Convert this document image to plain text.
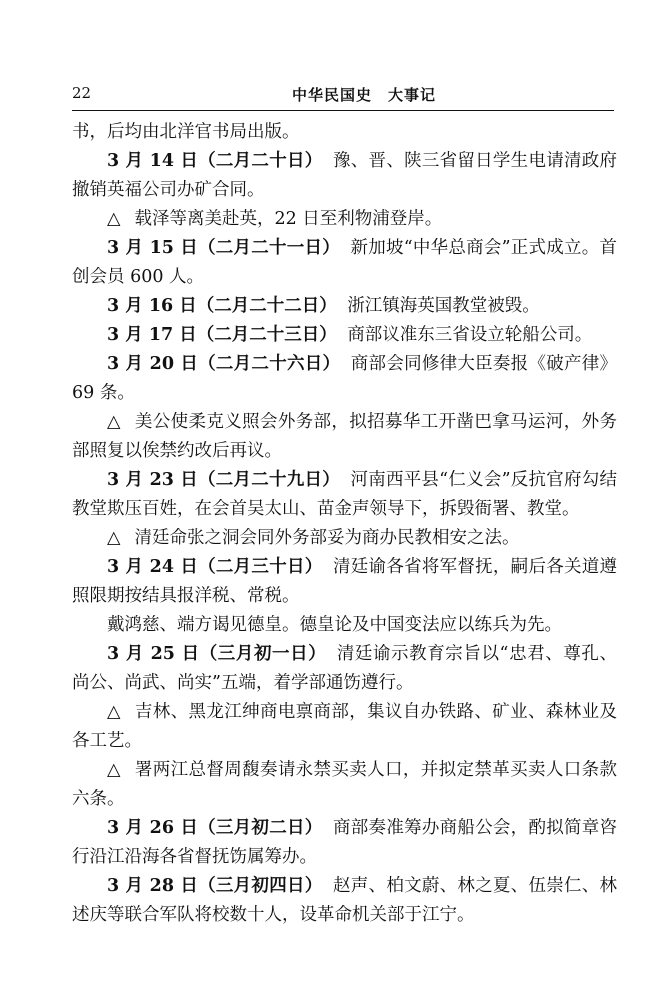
22	中华民国史　大事记

书，后均由北洋官书局出版。

3 月 14 日（二月二十日） 豫、晋、陕三省留日学生电请清政府撤销英福公司办矿合同。

△ 载泽等离美赴英，22 日至利物浦登岸。

3 月 15 日（二月二十一日） 新加坡“中华总商会”正式成立。首创会员 600 人。

3 月 16 日（二月二十二日） 浙江镇海英国教堂被毁。

3 月 17 日（二月二十三日） 商部议准东三省设立轮船公司。

3 月 20 日（二月二十六日） 商部会同修律大臣奏报《破产律》69 条。

△ 美公使柔克义照会外务部，拟招募华工开凿巴拿马运河，外务部照复以俟禁约改后再议。

3 月 23 日（二月二十九日） 河南西平县“仁义会”反抗官府勾结教堂欺压百姓，在会首吴太山、苗金声领导下，拆毁衙署、教堂。

△ 清廷命张之洞会同外务部妥为商办民教相安之法。

3 月 24 日（二月三十日） 清廷谕各省将军督抚，嗣后各关道遵照限期按结具报洋税、常税。

戴鸿慈、端方谒见德皇。德皇论及中国变法应以练兵为先。

3 月 25 日（三月初一日） 清廷谕示教育宗旨以“忠君、尊孔、尚公、尚武、尚实”五端，着学部通饬遵行。

△ 吉林、黑龙江绅商电禀商部，集议自办铁路、矿业、森林业及各工艺。

△ 署两江总督周馥奏请永禁买卖人口，并拟定禁革买卖人口条款六条。

3 月 26 日（三月初二日） 商部奏准筹办商船公会，酌拟简章咨行沿江沿海各省督抚饬属筹办。

3 月 28 日（三月初四日） 赵声、柏文蔚、林之夏、伍崇仁、林述庆等联合军队将校数十人，设革命机关部于江宁。
